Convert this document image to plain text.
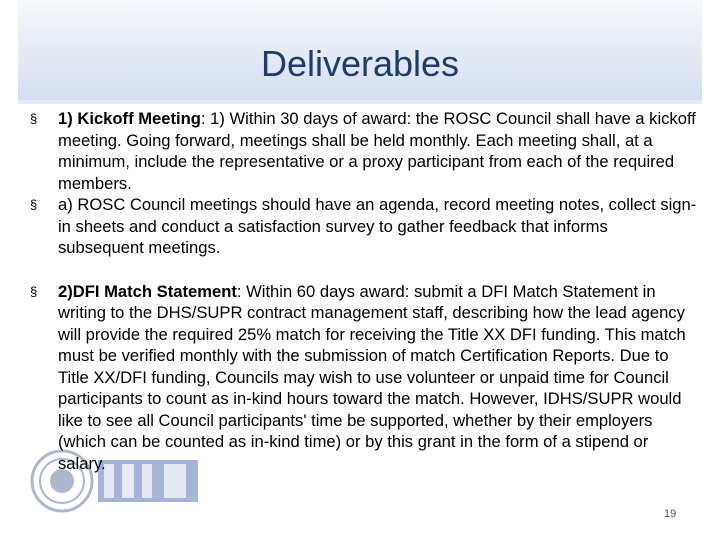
Deliverables
§ 1) Kickoff Meeting: 1) Within 30 days of award: the ROSC Council shall have a kickoff meeting. Going forward, meetings shall be held monthly. Each meeting shall, at a minimum, include the representative or a proxy participant from each of the required members.
§ a) ROSC Council meetings should have an agenda, record meeting notes, collect sign-in sheets and conduct a satisfaction survey to gather feedback that informs subsequent meetings.
§ 2)DFI Match Statement: Within 60 days award: submit a DFI Match Statement in writing to the DHS/SUPR contract management staff, describing how the lead agency will provide the required 25% match for receiving the Title XX DFI funding. This match must be verified monthly with the submission of match Certification Reports. Due to Title XX/DFI funding, Councils may wish to use volunteer or unpaid time for Council participants to count as in-kind hours toward the match. However, IDHS/SUPR would like to see all Council participants' time be supported, whether by their employers (which can be counted as in-kind time) or by this grant in the form of a stipend or salary.
19
